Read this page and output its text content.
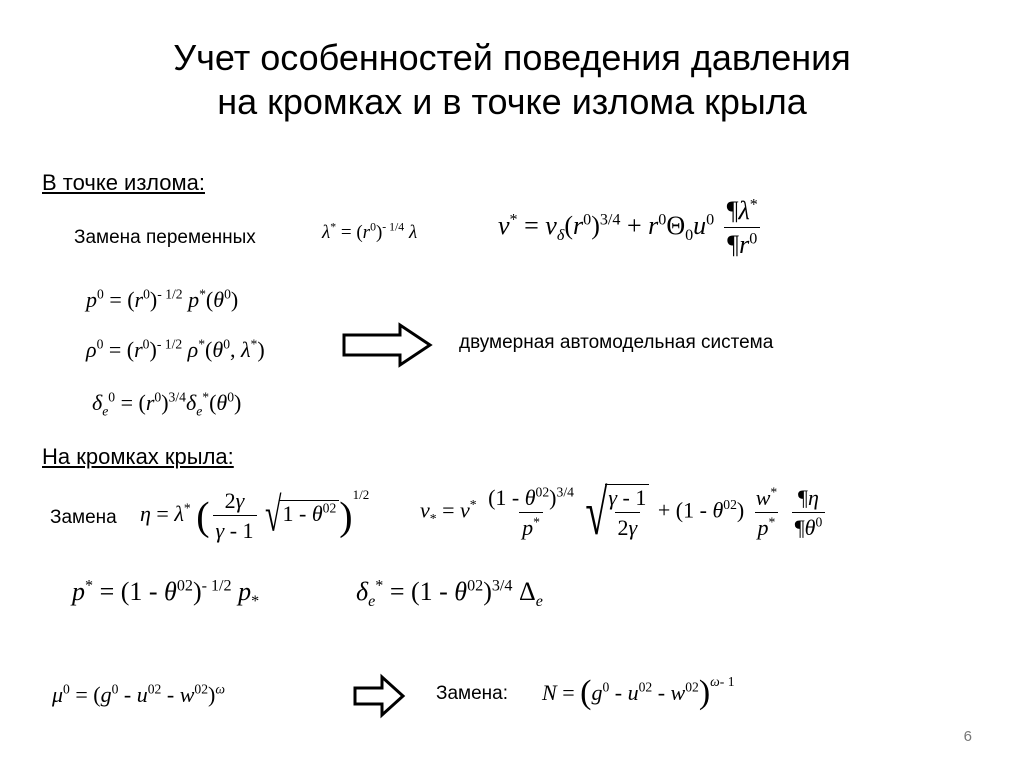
Учет особенностей поведения давления
на кромках и в точке излома крыла
В точке излома:
Замена переменных	$\lambda^* = (r^0)^{- 1/4}$ λ	$v^* = v_\delta(r^0)^{3/4} + r^0\Theta_0u^0 \frac{\P\lambda^*}{\P r^0}$
$p^0 = (r^0)^{- 1/2}$ $p^*(\theta^0)$
$\rho^0 = (r^0)^{- 1/2}$ $\rho^*(\theta^0$, λ*)	двумерная автомодельная система
$\delta_e^0 = (r^0)^{3/4}\delta_e^*(\theta^0)$
На кромках крыла:
Замена η = λ* ( $\frac{2\gamma}{\gamma - 1} √1 - \theta^{02})^{1/2}$
$v_* = v^* \frac{(1 - \theta^{02})^{3/4}}{p^*}$ √
$\frac{\gamma - 1}{2\gamma} + (1 - \theta^{02}) \frac{w^*}{p^*}$
$\frac{\P\eta}{\P\theta^0}$
$p^* = (1 - \theta^{02})^{- 1/2}$ $p_*$	$\delta_e^* = (1 - \theta^{02})^{3/4}$ $\Delta_e$
$\mu^0 = (g^0 - u^{02} - w^{02})^\omega$	Замена: $N = (g^0 - u^{02} - w^{02})^{\omega- 1}$
6
